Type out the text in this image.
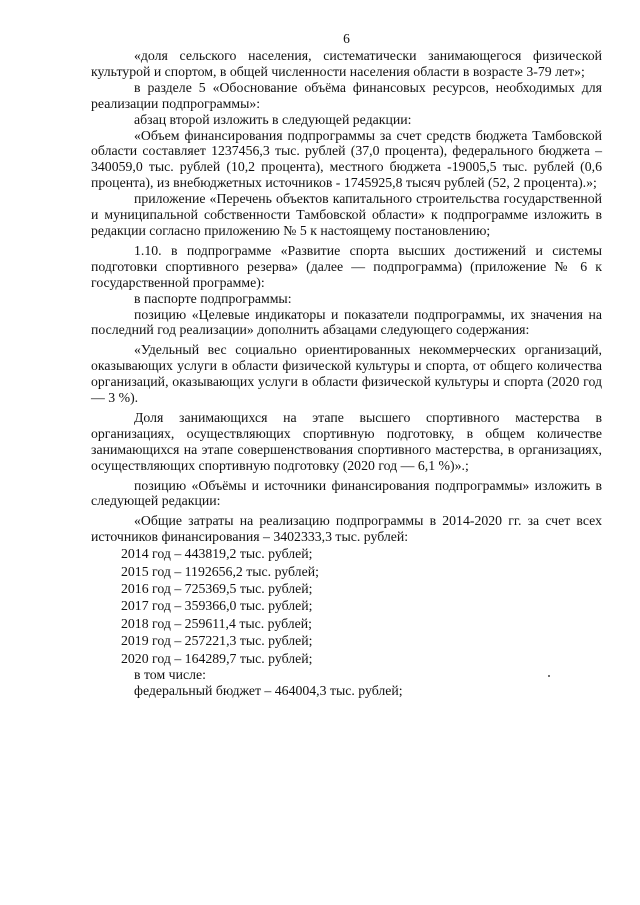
6

«доля сельского населения, систематически занимающегося физической культурой и спортом, в общей численности населения области в возрасте 3-79 лет»;

в разделе 5 «Обоснование объёма финансовых ресурсов, необходимых для реализации подпрограммы»:

абзац второй изложить в следующей редакции:

«Объем финансирования подпрограммы за счет средств бюджета Тамбовской области составляет 1237456,3 тыс. рублей (37,0 процента), федерального бюджета – 340059,0 тыс. рублей (10,2 процента), местного бюджета -19005,5 тыс. рублей (0,6 процента), из внебюджетных источников - 1745925,8 тысяч рублей (52, 2 процента).»;

приложение «Перечень объектов капитального строительства государственной и муниципальной собственности Тамбовской области» к подпрограмме изложить в редакции согласно приложению № 5 к настоящему постановлению;

1.10. в подпрограмме «Развитие спорта высших достижений и системы подготовки спортивного резерва» (далее — подпрограмма) (приложение № 6 к государственной программе):

в паспорте подпрограммы:

позицию «Целевые индикаторы и показатели подпрограммы, их значения на последний год реализации» дополнить абзацами следующего содержания:

«Удельный вес социально ориентированных некоммерческих организаций, оказывающих услуги в области физической культуры и спорта, от общего количества организаций, оказывающих услуги в области физической культуры и спорта (2020 год — 3 %).

Доля занимающихся на этапе высшего спортивного мастерства в организациях, осуществляющих спортивную подготовку, в общем количестве занимающихся на этапе совершенствования спортивного мастерства, в организациях, осуществляющих спортивную подготовку (2020 год — 6,1 %)».;

позицию «Объёмы и источники финансирования подпрограммы» изложить в следующей редакции:

«Общие затраты на реализацию подпрограммы в 2014-2020 гг. за счет всех источников финансирования – 3402333,3 тыс. рублей:

2014 год – 443819,2 тыс. рублей;
2015 год – 1192656,2 тыс. рублей;
2016 год – 725369,5 тыс. рублей;
2017 год – 359366,0 тыс. рублей;
2018 год – 259611,4 тыс. рублей;
2019 год – 257221,3 тыс. рублей;
2020 год – 164289,7 тыс. рублей;

в том числе:

федеральный бюджет – 464004,3 тыс. рублей;
